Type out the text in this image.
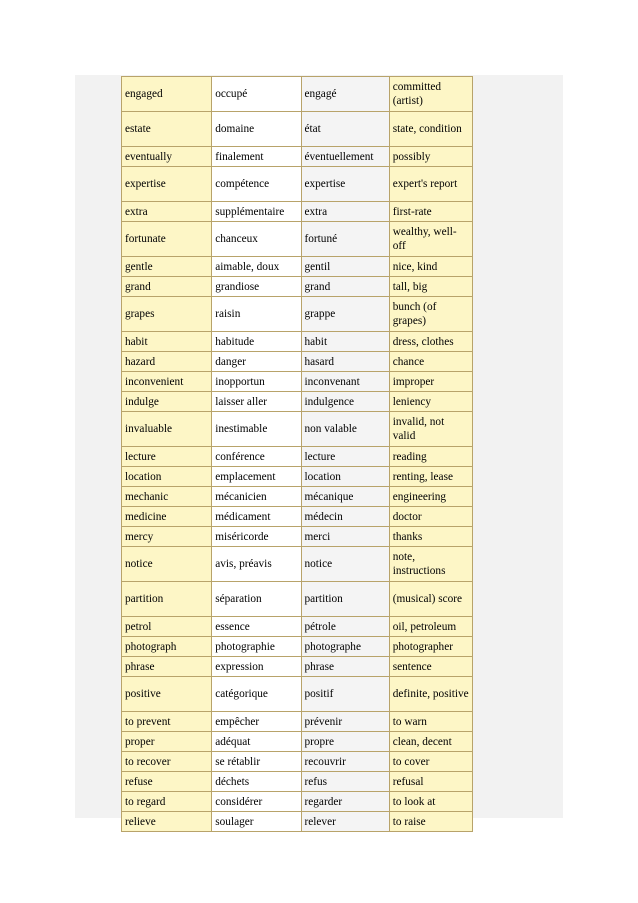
engaged	occupé	engagé	committed (artist)
estate	domaine	état	state, condition
eventually	finalement	éventuellement	possibly
expertise	compétence	expertise	expert's report
extra	supplémentaire	extra	first-rate
fortunate	chanceux	fortuné	wealthy, well-off
gentle	aimable, doux	gentil	nice, kind
grand	grandiose	grand	tall, big
grapes	raisin	grappe	bunch (of grapes)
habit	habitude	habit	dress, clothes
hazard	danger	hasard	chance
inconvenient	inopportun	inconvenant	improper
indulge	laisser aller	indulgence	leniency
invaluable	inestimable	non valable	invalid, not valid
lecture	conférence	lecture	reading
location	emplacement	location	renting, lease
mechanic	mécanicien	mécanique	engineering
medicine	médicament	médecin	doctor
mercy	miséricorde	merci	thanks
notice	avis, préavis	notice	note, instructions
partition	séparation	partition	(musical) score
petrol	essence	pétrole	oil, petroleum
photograph	photographie	photographe	photographer
phrase	expression	phrase	sentence
positive	catégorique	positif	definite, positive
to prevent	empêcher	prévenir	to warn
proper	adéquat	propre	clean, decent
to recover	se rétablir	recouvrir	to cover
refuse	déchets	refus	refusal
to regard	considérer	regarder	to look at
relieve	soulager	relever	to raise
